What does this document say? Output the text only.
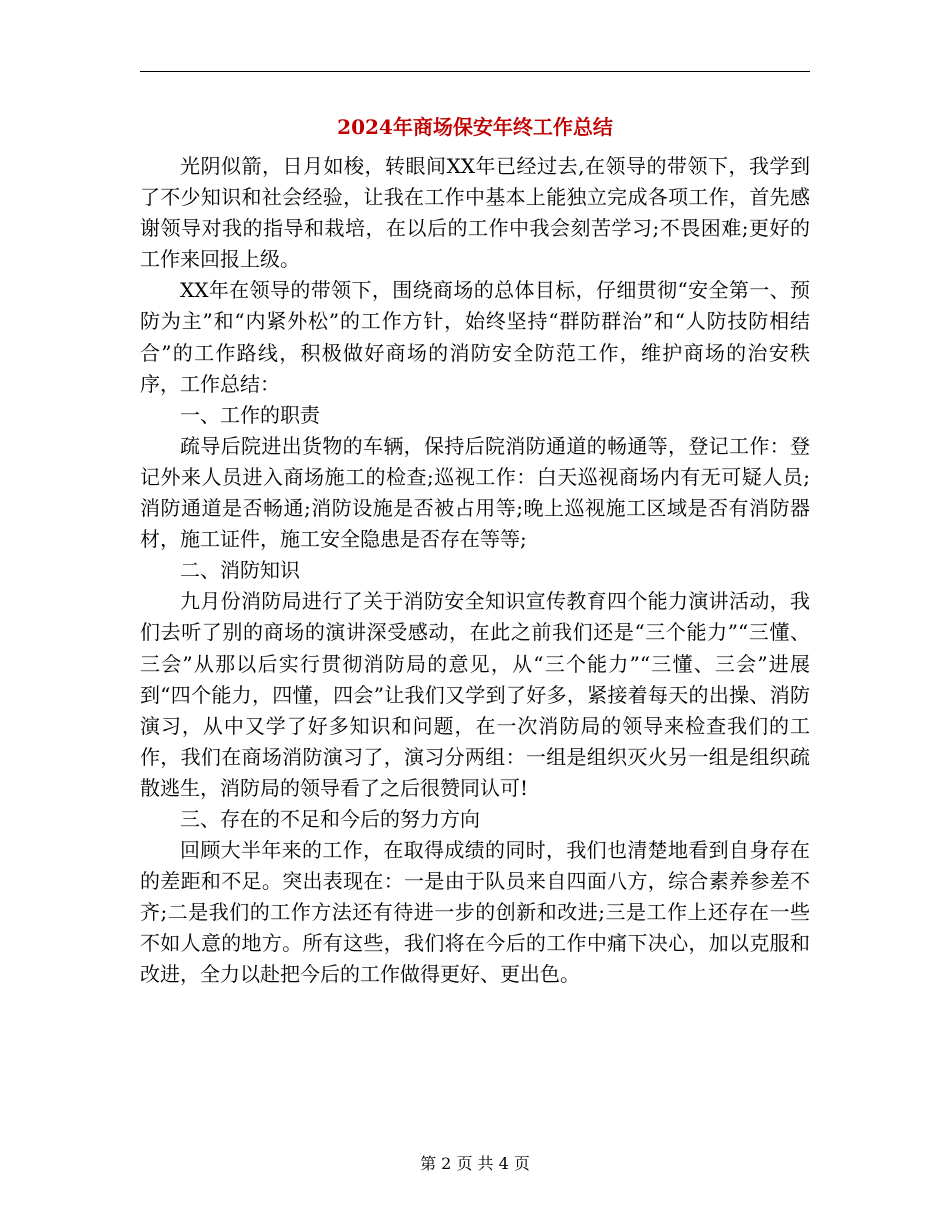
2024年商场保安年终工作总结

光阴似箭，日月如梭，转眼间XX年已经过去,在领导的带领下，我学到了不少知识和社会经验，让我在工作中基本上能独立完成各项工作，首先感谢领导对我的指导和栽培，在以后的工作中我会刻苦学习;不畏困难;更好的工作来回报上级。

XX年在领导的带领下，围绕商场的总体目标，仔细贯彻“安全第一、预防为主”和“内紧外松”的工作方针，始终坚持“群防群治”和“人防技防相结合”的工作路线，积极做好商场的消防安全防范工作，维护商场的治安秩序，工作总结：

一、工作的职责

疏导后院进出货物的车辆，保持后院消防通道的畅通等，登记工作：登记外来人员进入商场施工的检查;巡视工作：白天巡视商场内有无可疑人员;消防通道是否畅通;消防设施是否被占用等;晚上巡视施工区域是否有消防器材，施工证件，施工安全隐患是否存在等等;

二、消防知识

九月份消防局进行了关于消防安全知识宣传教育四个能力演讲活动，我们去听了别的商场的演讲深受感动，在此之前我们还是“三个能力”“三懂、三会”从那以后实行贯彻消防局的意见，从“三个能力”“三懂、三会”进展到“四个能力，四懂，四会”让我们又学到了好多，紧接着每天的出操、消防演习，从中又学了好多知识和问题，在一次消防局的领导来检查我们的工作，我们在商场消防演习了，演习分两组：一组是组织灭火另一组是组织疏散逃生，消防局的领导看了之后很赞同认可!

三、存在的不足和今后的努力方向

回顾大半年来的工作，在取得成绩的同时，我们也清楚地看到自身存在的差距和不足。突出表现在：一是由于队员来自四面八方，综合素养参差不齐;二是我们的工作方法还有待进一步的创新和改进;三是工作上还存在一些不如人意的地方。所有这些，我们将在今后的工作中痛下决心，加以克服和改进，全力以赴把今后的工作做得更好、更出色。

第 2 页 共 4 页
